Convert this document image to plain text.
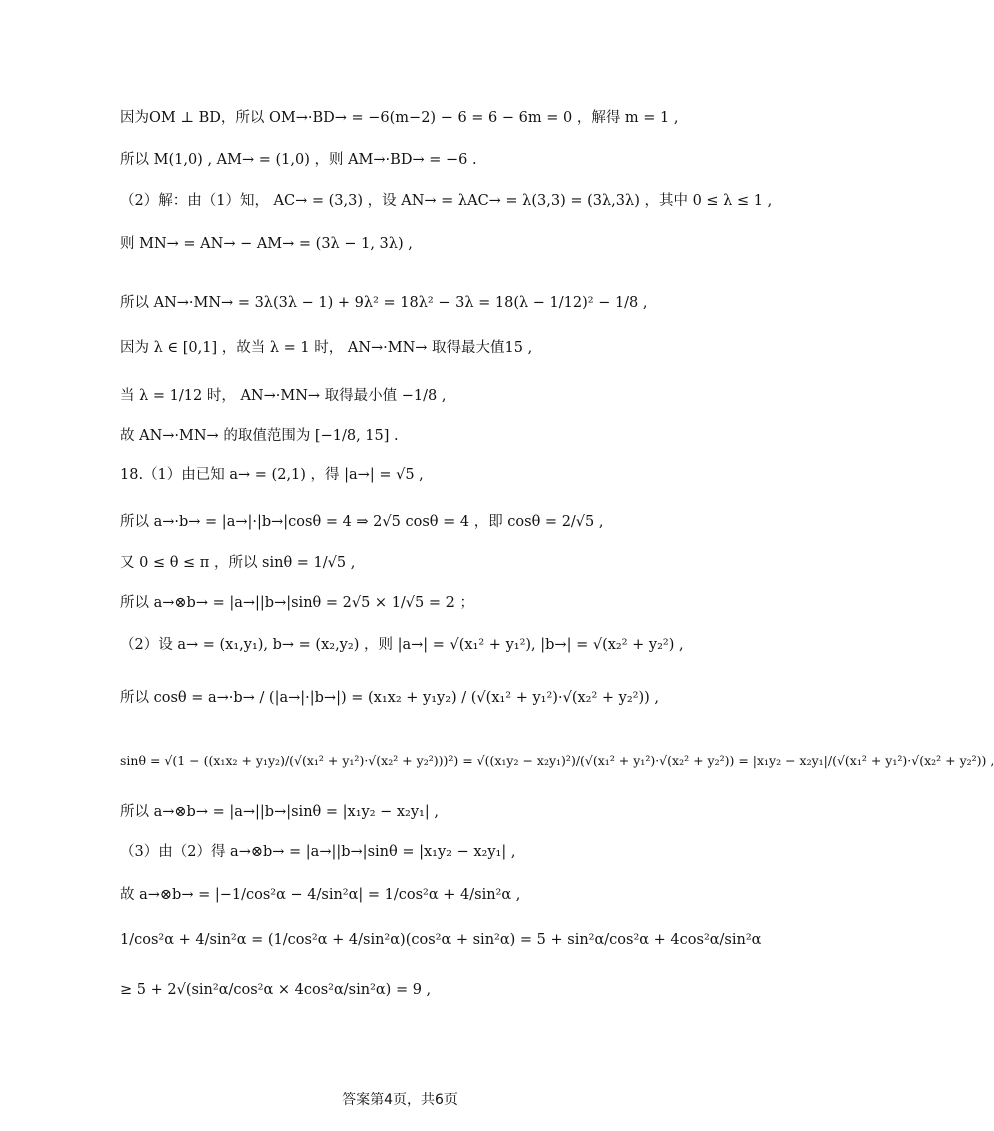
因为OM ⊥ BD，所以 OM→·BD→ = −6(m−2) − 6 = 6 − 6m = 0 ，解得 m = 1 ,
所以 M(1,0) , AM→ = (1,0) ，则 AM→·BD→ = −6 .
（2）解：由（1）知， AC→ = (3,3) ，设 AN→ = λAC→ = λ(3,3) = (3λ,3λ) ，其中 0 ≤ λ ≤ 1 ,
则 MN→ = AN→ − AM→ = (3λ − 1, 3λ) ,
所以 AN→·MN→ = 3λ(3λ − 1) + 9λ² = 18λ² − 3λ = 18(λ − 1/12)² − 1/8 ,
因为 λ ∈ [0,1] ，故当 λ = 1 时， AN→·MN→ 取得最大值15 ,
当 λ = 1/12 时， AN→·MN→ 取得最小值 −1/8 ,
故 AN→·MN→ 的取值范围为 [−1/8, 15] .
18.（1）由已知 a→ = (2,1) ，得 |a→| = √5 ,
所以 a→·b→ = |a→|·|b→|cosθ = 4 ⇒ 2√5 cosθ = 4 ，即 cosθ = 2/√5 ,
又 0 ≤ θ ≤ π ，所以 sinθ = 1/√5 ,
所以 a→⊗b→ = |a→||b→|sinθ = 2√5 × 1/√5 = 2 ；
（2）设 a→ = (x₁,y₁), b→ = (x₂,y₂) ，则 |a→| = √(x₁² + y₁²), |b→| = √(x₂² + y₂²) ,
所以 cosθ = a→·b→ / (|a→|·|b→|) = (x₁x₂ + y₁y₂) / (√(x₁² + y₁²)·√(x₂² + y₂²)) ,
sinθ = √(1 − ((x₁x₂ + y₁y₂)/(√(x₁² + y₁²)·√(x₂² + y₂²)))²) = √((x₁y₂ − x₂y₁)²)/(√(x₁² + y₁²)·√(x₂² + y₂²)) = |x₁y₂ − x₂y₁|/(√(x₁² + y₁²)·√(x₂² + y₂²)) ,
所以 a→⊗b→ = |a→||b→|sinθ = |x₁y₂ − x₂y₁| ,
（3）由（2）得 a→⊗b→ = |a→||b→|sinθ = |x₁y₂ − x₂y₁| ,
故 a→⊗b→ = |−1/cos²α − 4/sin²α| = 1/cos²α + 4/sin²α ,
1/cos²α + 4/sin²α = (1/cos²α + 4/sin²α)(cos²α + sin²α) = 5 + sin²α/cos²α + 4cos²α/sin²α
≥ 5 + 2√(sin²α/cos²α × 4cos²α/sin²α) = 9 ,
答案第4页，共6页
